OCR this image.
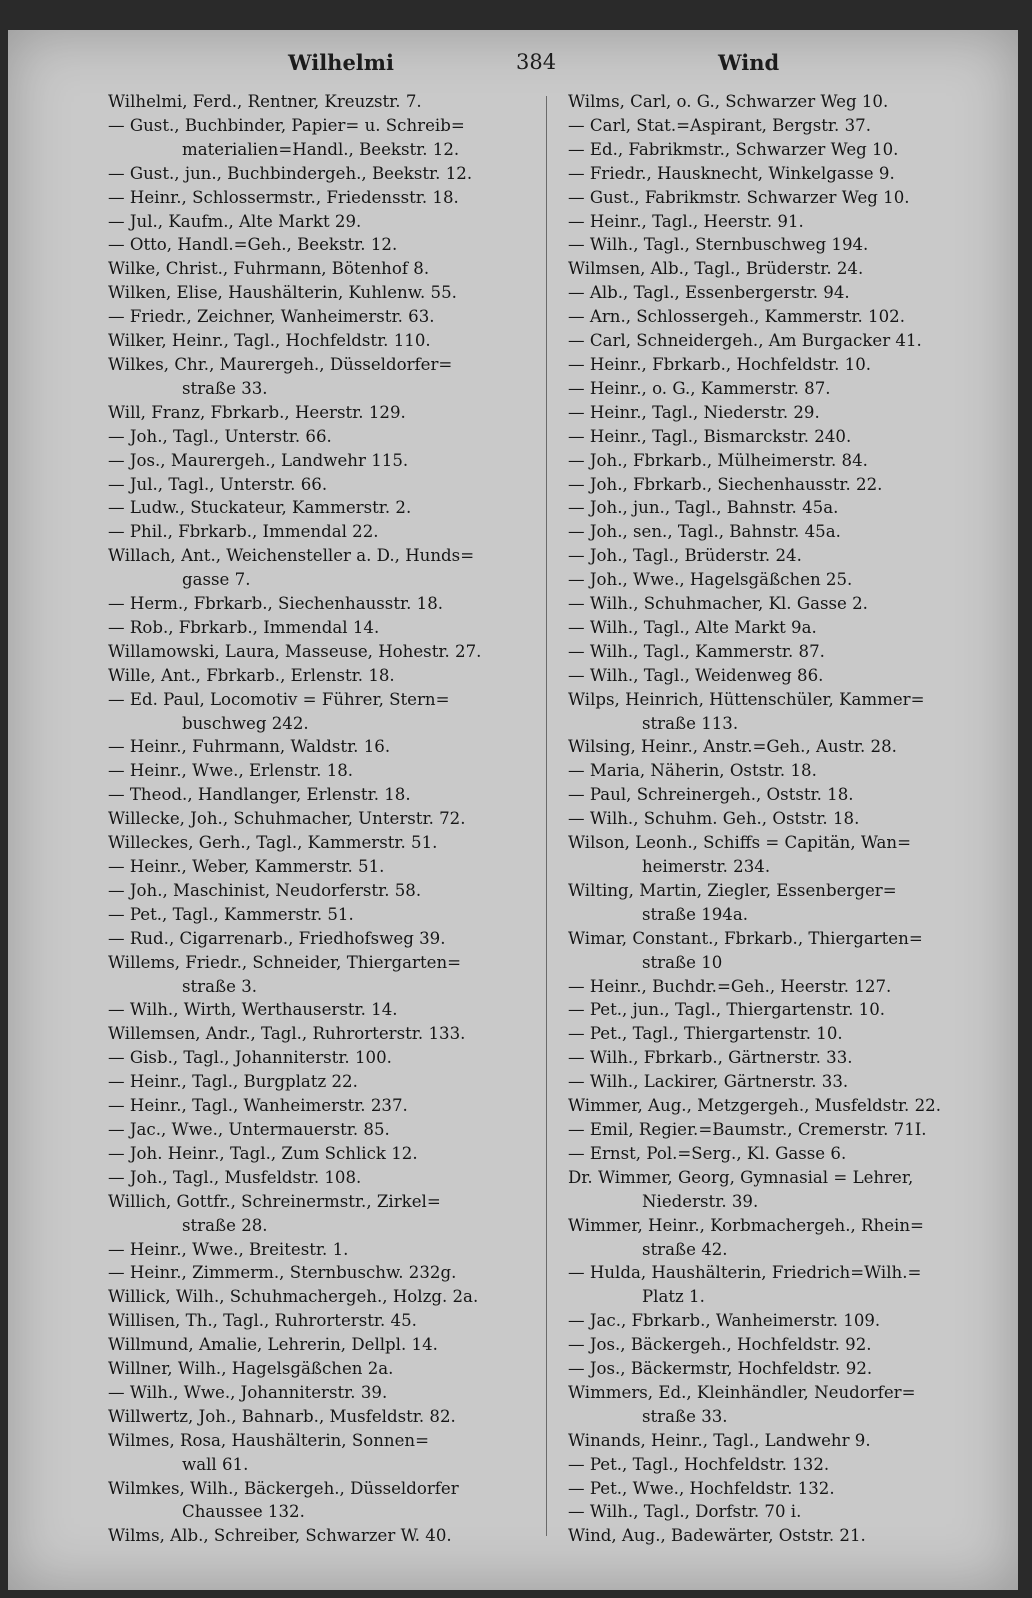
Wilhelmi	384	Wind
Wilhelmi, Ferd., Rentner, Kreuzstr. 7.
— Gust., Buchbinder, Papier= u. Schreib=
materialien=Handl., Beekstr. 12.
— Gust., jun., Buchbindergeh., Beekstr. 12.
— Heinr., Schlossermstr., Friedensstr. 18.
— Jul., Kaufm., Alte Markt 29.
— Otto, Handl.=Geh., Beekstr. 12.
Wilke, Christ., Fuhrmann, Bötenhof 8.
Wilken, Elise, Haushälterin, Kuhlenw. 55.
— Friedr., Zeichner, Wanheimerstr. 63.
Wilker, Heinr., Tagl., Hochfeldstr. 110.
Wilkes, Chr., Maurergeh., Düsseldorfer=
straße 33.
Will, Franz, Fbrkarb., Heerstr. 129.
— Joh., Tagl., Unterstr. 66.
— Jos., Maurergeh., Landwehr 115.
— Jul., Tagl., Unterstr. 66.
— Ludw., Stuckateur, Kammerstr. 2.
— Phil., Fbrkarb., Immendal 22.
Willach, Ant., Weichensteller a. D., Hunds=
gasse 7.
— Herm., Fbrkarb., Siechenhausstr. 18.
— Rob., Fbrkarb., Immendal 14.
Willamowski, Laura, Masseuse, Hohestr. 27.
Wille, Ant., Fbrkarb., Erlenstr. 18.
— Ed. Paul, Locomotiv = Führer, Stern=
buschweg 242.
— Heinr., Fuhrmann, Waldstr. 16.
— Heinr., Wwe., Erlenstr. 18.
— Theod., Handlanger, Erlenstr. 18.
Willecke, Joh., Schuhmacher, Unterstr. 72.
Willeckes, Gerh., Tagl., Kammerstr. 51.
— Heinr., Weber, Kammerstr. 51.
— Joh., Maschinist, Neudorferstr. 58.
— Pet., Tagl., Kammerstr. 51.
— Rud., Cigarrenarb., Friedhofsweg 39.
Willems, Friedr., Schneider, Thiergarten=
straße 3.
— Wilh., Wirth, Werthauserstr. 14.
Willemsen, Andr., Tagl., Ruhrorterstr. 133.
— Gisb., Tagl., Johanniterstr. 100.
— Heinr., Tagl., Burgplatz 22.
— Heinr., Tagl., Wanheimerstr. 237.
— Jac., Wwe., Untermauerstr. 85.
— Joh. Heinr., Tagl., Zum Schlick 12.
— Joh., Tagl., Musfeldstr. 108.
Willich, Gottfr., Schreinermstr., Zirkel=
straße 28.
— Heinr., Wwe., Breitestr. 1.
— Heinr., Zimmerm., Sternbuschw. 232g.
Willick, Wilh., Schuhmachergeh., Holzg. 2a.
Willisen, Th., Tagl., Ruhrorterstr. 45.
Willmund, Amalie, Lehrerin, Dellpl. 14.
Willner, Wilh., Hagelsgäßchen 2a.
— Wilh., Wwe., Johanniterstr. 39.
Willwertz, Joh., Bahnarb., Musfeldstr. 82.
Wilmes, Rosa, Haushälterin, Sonnen=
wall 61.
Wilmkes, Wilh., Bäckergeh., Düsseldorfer
Chaussee 132.
Wilms, Alb., Schreiber, Schwarzer W. 40.
Wilms, Carl, o. G., Schwarzer Weg 10.
— Carl, Stat.=Aspirant, Bergstr. 37.
— Ed., Fabrikmstr., Schwarzer Weg 10.
— Friedr., Hausknecht, Winkelgasse 9.
— Gust., Fabrikmstr. Schwarzer Weg 10.
— Heinr., Tagl., Heerstr. 91.
— Wilh., Tagl., Sternbuschweg 194.
Wilmsen, Alb., Tagl., Brüderstr. 24.
— Alb., Tagl., Essenbergerstr. 94.
— Arn., Schlossergeh., Kammerstr. 102.
— Carl, Schneidergeh., Am Burgacker 41.
— Heinr., Fbrkarb., Hochfeldstr. 10.
— Heinr., o. G., Kammerstr. 87.
— Heinr., Tagl., Niederstr. 29.
— Heinr., Tagl., Bismarckstr. 240.
— Joh., Fbrkarb., Mülheimerstr. 84.
— Joh., Fbrkarb., Siechenhausstr. 22.
— Joh., jun., Tagl., Bahnstr. 45a.
— Joh., sen., Tagl., Bahnstr. 45a.
— Joh., Tagl., Brüderstr. 24.
— Joh., Wwe., Hagelsgäßchen 25.
— Wilh., Schuhmacher, Kl. Gasse 2.
— Wilh., Tagl., Alte Markt 9a.
— Wilh., Tagl., Kammerstr. 87.
— Wilh., Tagl., Weidenweg 86.
Wilps, Heinrich, Hüttenschüler, Kammer=
straße 113.
Wilsing, Heinr., Anstr.=Geh., Austr. 28.
— Maria, Näherin, Oststr. 18.
— Paul, Schreinergeh., Oststr. 18.
— Wilh., Schuhm. Geh., Oststr. 18.
Wilson, Leonh., Schiffs = Capitän, Wan=
heimerstr. 234.
Wilting, Martin, Ziegler, Essenberger=
straße 194a.
Wimar, Constant., Fbrkarb., Thiergarten=
straße 10
— Heinr., Buchdr.=Geh., Heerstr. 127.
— Pet., jun., Tagl., Thiergartenstr. 10.
— Pet., Tagl., Thiergartenstr. 10.
— Wilh., Fbrkarb., Gärtnerstr. 33.
— Wilh., Lackirer, Gärtnerstr. 33.
Wimmer, Aug., Metzgergeh., Musfeldstr. 22.
— Emil, Regier.=Baumstr., Cremerstr. 71I.
— Ernst, Pol.=Serg., Kl. Gasse 6.
Dr. Wimmer, Georg, Gymnasial = Lehrer,
Niederstr. 39.
Wimmer, Heinr., Korbmachergeh., Rhein=
straße 42.
— Hulda, Haushälterin, Friedrich=Wilh.=
Platz 1.
— Jac., Fbrkarb., Wanheimerstr. 109.
— Jos., Bäckergeh., Hochfeldstr. 92.
— Jos., Bäckermstr, Hochfeldstr. 92.
Wimmers, Ed., Kleinhändler, Neudorfer=
straße 33.
Winands, Heinr., Tagl., Landwehr 9.
— Pet., Tagl., Hochfeldstr. 132.
— Pet., Wwe., Hochfeldstr. 132.
— Wilh., Tagl., Dorfstr. 70 i.
Wind, Aug., Badewärter, Oststr. 21.
